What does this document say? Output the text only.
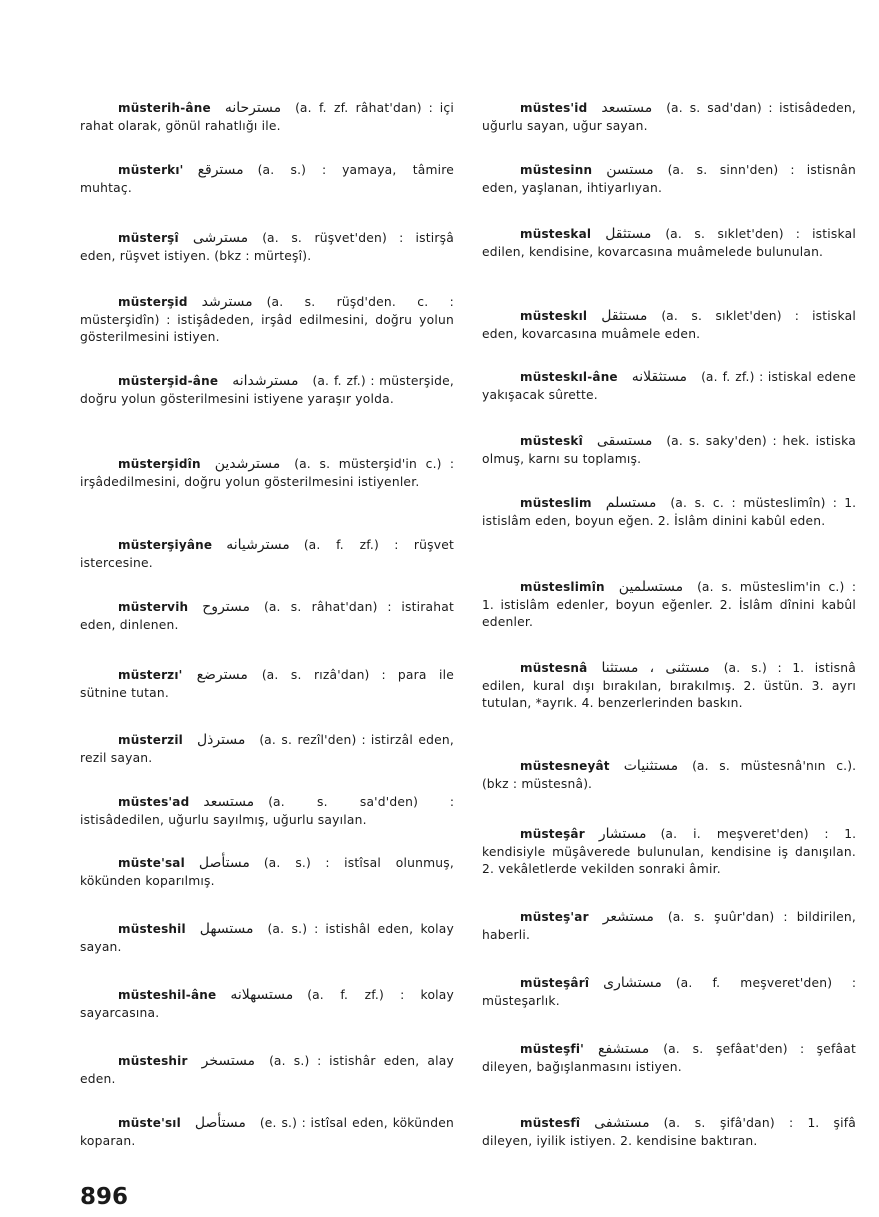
müsterih-âne مسترحانه (a. f. zf. râhat'dan) : içi rahat olarak, gönül rahatlığı ile.
müsterkı' مسترقع (a. s.) : yamaya, tâmire muhtaç.
müsterşî مسترشى (a. s. rüşvet'den) : istirşâ eden, rüşvet istiyen. (bkz : mürteşî).
müsterşid مسترشد (a. s. rüşd'den. c. : müsterşidîn) : istişâdeden, irşâd edilmesini, doğru yolun gösterilmesini istiyen.
müsterşid-âne مسترشدانه (a. f. zf.) : müsterşide, doğru yolun gösterilmesini istiyene yaraşır yolda.
müsterşidîn مسترشدين (a. s. müsterşid'in c.) : irşâdedilmesini, doğru yolun gösterilmesini istiyenler.
müsterşiyâne مسترشيانه (a. f. zf.) : rüşvet istercesine.
müstervih مستروح (a. s. râhat'dan) : istirahat eden, dinlenen.
müsterzı' مسترضع (a. s. rızâ'dan) : para ile sütnine tutan.
müsterzil مسترذل (a. s. rezîl'den) : istirzâl eden, rezil sayan.
müstes'ad مستسعد (a. s. sa'd'den) : istisâdedilen, uğurlu sayılmış, uğurlu sayılan.
müste'sal مستأصل (a. s.) : istîsal olunmuş, kökünden koparılmış.
müsteshil مستسهل (a. s.) : istishâl eden, kolay sayan.
müsteshil-âne مستسهلانه (a. f. zf.) : kolay sayarcasına.
müsteshir مستسخر (a. s.) : istishâr eden, alay eden.
müste'sıl مستأصل (e. s.) : istîsal eden, kökünden koparan.
müstes'id مستسعد (a. s. sad'dan) : istisâdeden, uğurlu sayan, uğur sayan.
müstesinn مستسن (a. s. sinn'den) : istisnân eden, yaşlanan, ihtiyarlıyan.
müsteskal مستثقل (a. s. sıklet'den) : istiskal edilen, kendisine, kovarcasına muâmelede bulunulan.
müsteskıl مستثقل (a. s. sıklet'den) : istiskal eden, kovarcasına muâmele eden.
müsteskıl-âne مستثقلانه (a. f. zf.) : istiskal edene yakışacak sûrette.
müsteskî مستسقى (a. s. saky'den) : hek. istiska olmuş, karnı su toplamış.
müsteslim مستسلم (a. s. c. : müsteslimîn) : 1. istislâm eden, boyun eğen. 2. İslâm dinini kabûl eden.
müsteslimîn مستسلمين (a. s. müsteslim'in c.) : 1. istislâm edenler, boyun eğenler. 2. İslâm dînini kabûl edenler.
müstesnâ مستثنى ، مستثنا (a. s.) : 1. istisnâ edilen, kural dışı bırakılan, bırakılmış. 2. üstün. 3. ayrı tutulan, *ayrık. 4. benzerlerinden baskın.
müstesneyât مستثنيات (a. s. müstesnâ'nın c.). (bkz : müstesnâ).
müsteşâr مستشار (a. i. meşveret'den) : 1. kendisiyle müşâverede bulunulan, kendisine iş danışılan. 2. vekâletlerde vekilden sonraki âmir.
müsteş'ar مستشعر (a. s. şuûr'dan) : bildirilen, haberli.
müsteşârî مستشارى (a. f. meşveret'den) : müsteşarlık.
müsteşfi' مستشفع (a. s. şefâat'den) : şefâat dileyen, bağışlanmasını istiyen.
müstesfî مستشفى (a. s. şifâ'dan) : 1. şifâ dileyen, iyilik istiyen. 2. kendisine baktıran.
896
